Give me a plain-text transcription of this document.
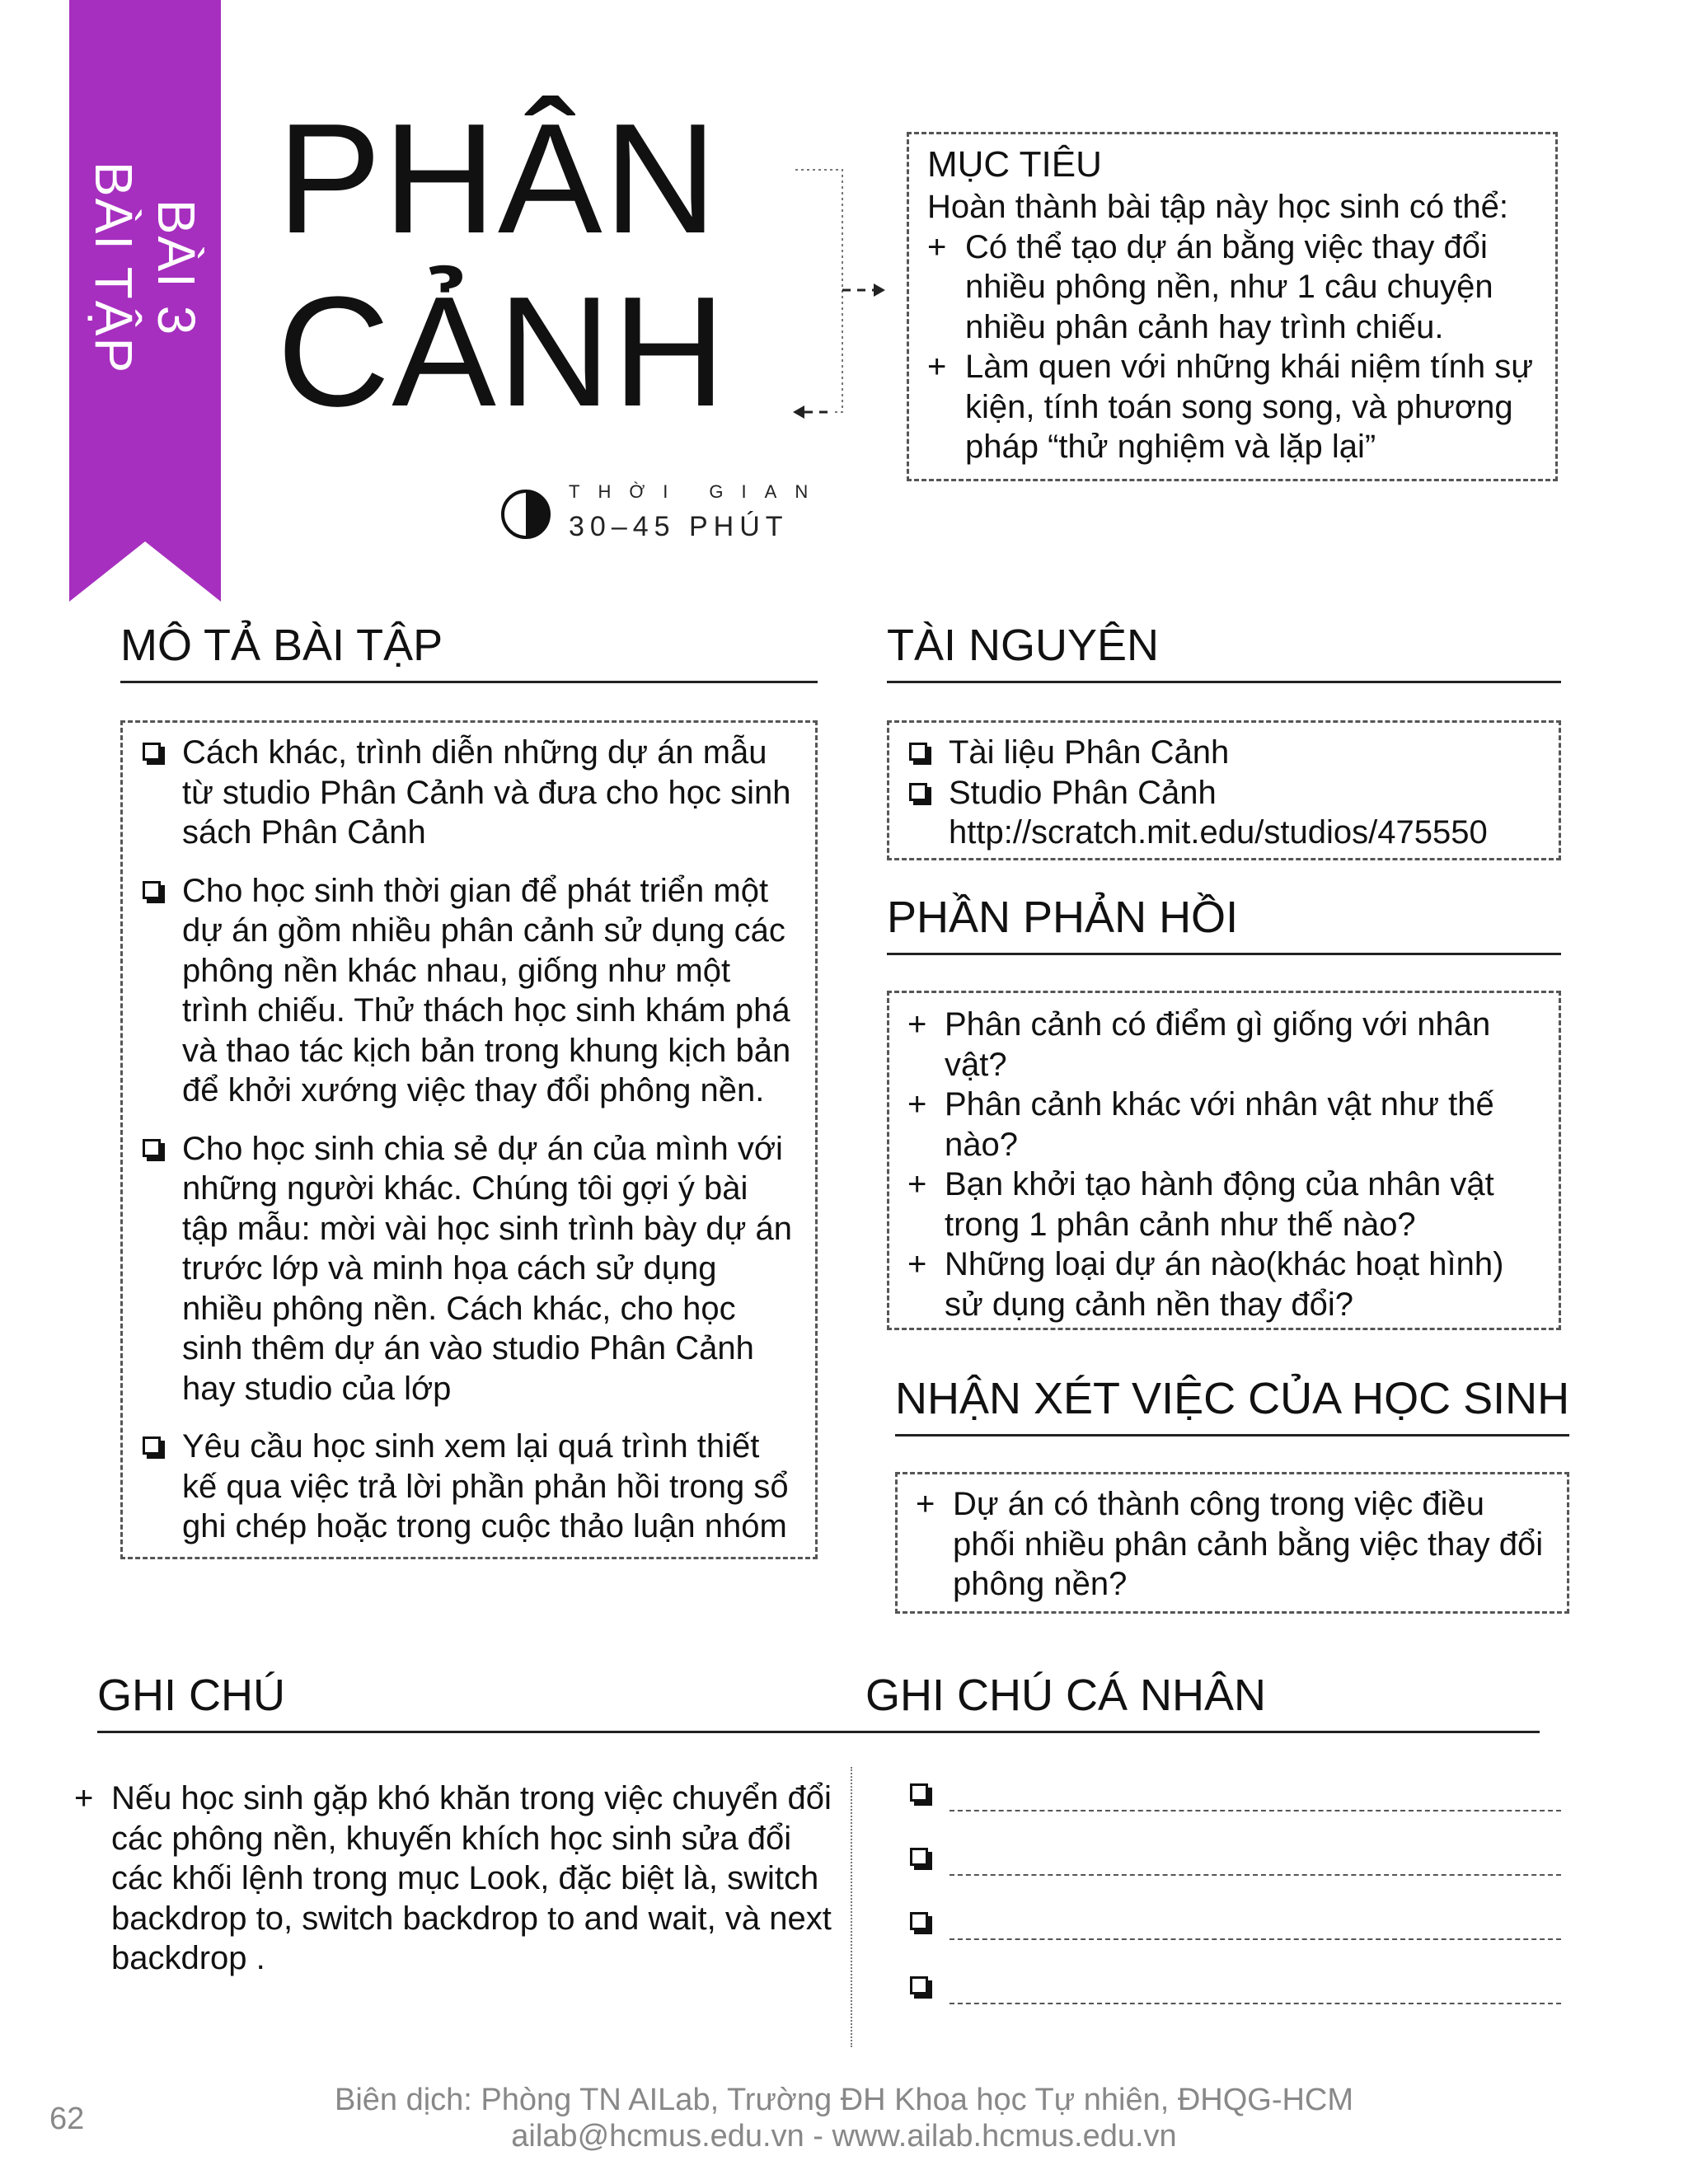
BÀI 3
BÀI TẬP PHÂN
CẢNH
THỜI GIAN
30–45 PHÚT
MỤC TIÊU
Hoàn thành bài tập này học sinh có thể:
+ Có thể tạo dự án bằng việc thay đổi nhiều phông nền, như 1 câu chuyện nhiều phân cảnh hay trình chiếu.
+ Làm quen với những khái niệm tính sự kiện, tính toán song song, và phương pháp “thử nghiệm và lặp lại”
MÔ TẢ BÀI TẬP
Cách khác, trình diễn những dự án mẫu từ studio Phân Cảnh và đưa cho học sinh sách Phân Cảnh
Cho học sinh thời gian để phát triển một dự án gồm nhiều phân cảnh sử dụng các phông nền khác nhau, giống như một trình chiếu. Thử thách học sinh khám phá và thao tác kịch bản trong khung kịch bản để khởi xướng việc thay đổi phông nền.
Cho học sinh chia sẻ dự án của mình với những người khác. Chúng tôi gợi ý bài tập mẫu: mời vài học sinh trình bày dự án trước lớp và minh họa cách sử dụng nhiều phông nền. Cách khác, cho học sinh thêm dự án vào studio Phân Cảnh hay studio của lớp
Yêu cầu học sinh xem lại quá trình thiết kế qua việc trả lời phần phản hồi trong sổ ghi chép hoặc trong cuộc thảo luận nhóm
TÀI NGUYÊN
Tài liệu Phân Cảnh
Studio Phân Cảnh
http://scratch.mit.edu/studios/475550
PHẦN PHẢN HỒI
+ Phân cảnh có điểm gì giống với nhân vật?
+ Phân cảnh khác với nhân vật như thế nào?
+ Bạn khởi tạo hành động của nhân vật trong 1 phân cảnh như thế nào?
+ Những loại dự án nào(khác hoạt hình) sử dụng cảnh nền thay đổi?
NHẬN XÉT VIỆC CỦA HỌC SINH
+ Dự án có thành công trong việc điều phối nhiều phân cảnh bằng việc thay đổi phông nền?
GHI CHÚ	GHI CHÚ CÁ NHÂN
+ Nếu học sinh gặp khó khăn trong việc chuyển đổi các phông nền, khuyến khích học sinh sửa đổi các khối lệnh trong mục Look, đặc biệt là, switch backdrop to, switch backdrop to and wait, và next backdrop .
62
Biên dịch: Phòng TN AILab, Trường ĐH Khoa học Tự nhiên, ĐHQG-HCM
ailab@hcmus.edu.vn - www.ailab.hcmus.edu.vn
